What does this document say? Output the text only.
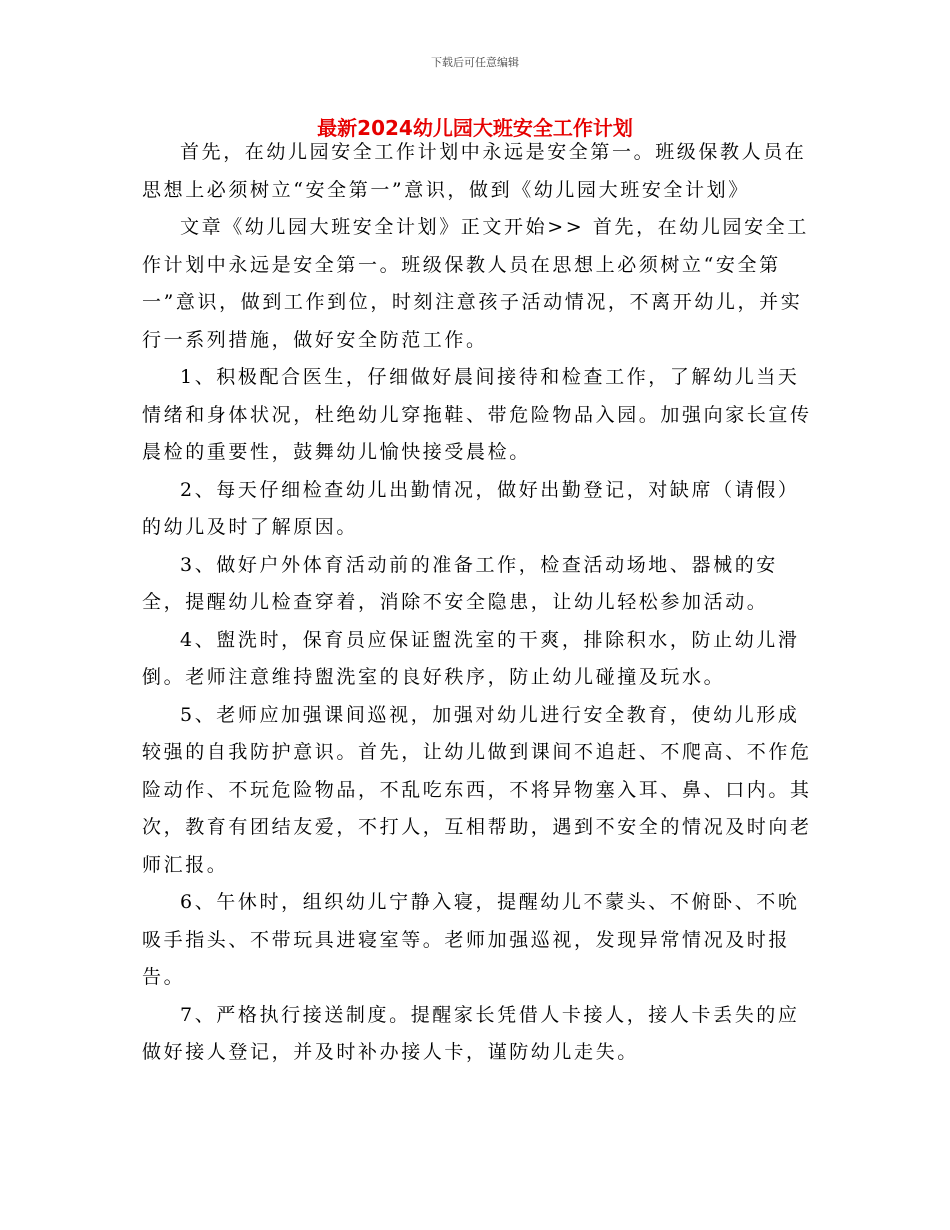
下载后可任意编辑
最新2024幼儿园大班安全工作计划

首先，在幼儿园安全工作计划中永远是安全第一。班级保教人员在思想上必须树立“安全第一”意识，做到《幼儿园大班安全计划》

文章《幼儿园大班安全计划》正文开始>> 首先，在幼儿园安全工作计划中永远是安全第一。班级保教人员在思想上必须树立“安全第一”意识，做到工作到位，时刻注意孩子活动情况，不离开幼儿，并实行一系列措施，做好安全防范工作。

1、积极配合医生，仔细做好晨间接待和检查工作，了解幼儿当天情绪和身体状况，杜绝幼儿穿拖鞋、带危险物品入园。加强向家长宣传晨检的重要性，鼓舞幼儿愉快接受晨检。

2、每天仔细检查幼儿出勤情况，做好出勤登记，对缺席（请假）的幼儿及时了解原因。

3、做好户外体育活动前的准备工作，检查活动场地、器械的安全，提醒幼儿检查穿着，消除不安全隐患，让幼儿轻松参加活动。

4、盥洗时，保育员应保证盥洗室的干爽，排除积水，防止幼儿滑倒。老师注意维持盥洗室的良好秩序，防止幼儿碰撞及玩水。

5、老师应加强课间巡视，加强对幼儿进行安全教育，使幼儿形成较强的自我防护意识。首先，让幼儿做到课间不追赶、不爬高、不作危险动作、不玩危险物品，不乱吃东西，不将异物塞入耳、鼻、口内。其次，教育有团结友爱，不打人，互相帮助，遇到不安全的情况及时向老师汇报。

6、午休时，组织幼儿宁静入寝，提醒幼儿不蒙头、不俯卧、不吮吸手指头、不带玩具进寝室等。老师加强巡视，发现异常情况及时报告。

7、严格执行接送制度。提醒家长凭借人卡接人，接人卡丢失的应做好接人登记，并及时补办接人卡，谨防幼儿走失。
